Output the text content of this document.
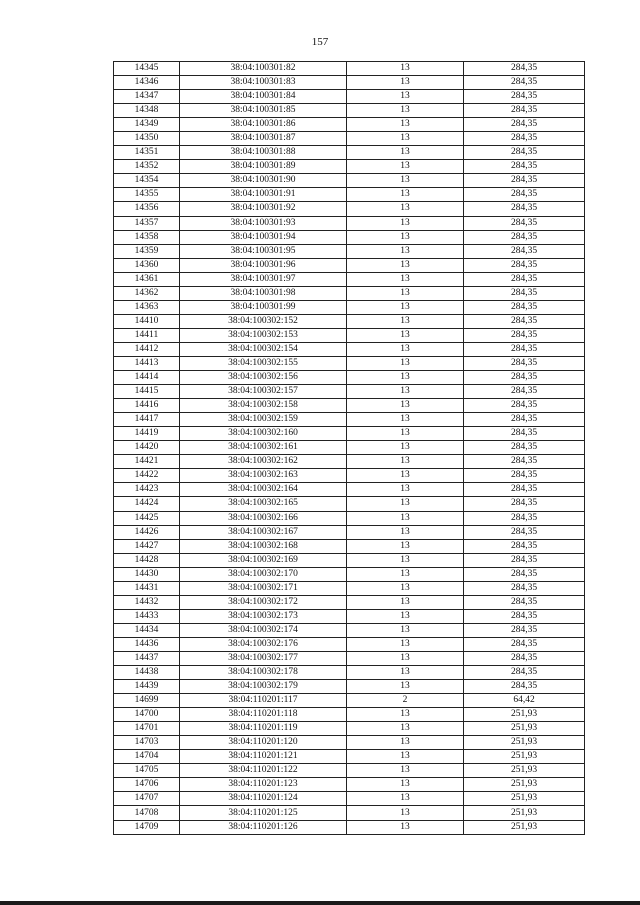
157
14345	38:04:100301:82	13	284,35
14346	38:04:100301:83	13	284,35
14347	38:04:100301:84	13	284,35
14348	38:04:100301:85	13	284,35
14349	38:04:100301:86	13	284,35
14350	38:04:100301:87	13	284,35
14351	38:04:100301:88	13	284,35
14352	38:04:100301:89	13	284,35
14354	38:04:100301:90	13	284,35
14355	38:04:100301:91	13	284,35
14356	38:04:100301:92	13	284,35
14357	38:04:100301:93	13	284,35
14358	38:04:100301:94	13	284,35
14359	38:04:100301:95	13	284,35
14360	38:04:100301:96	13	284,35
14361	38:04:100301:97	13	284,35
14362	38:04:100301:98	13	284,35
14363	38:04:100301:99	13	284,35
14410	38:04:100302:152	13	284,35
14411	38:04:100302:153	13	284,35
14412	38:04:100302:154	13	284,35
14413	38:04:100302:155	13	284,35
14414	38:04:100302:156	13	284,35
14415	38:04:100302:157	13	284,35
14416	38:04:100302:158	13	284,35
14417	38:04:100302:159	13	284,35
14419	38:04:100302:160	13	284,35
14420	38:04:100302:161	13	284,35
14421	38:04:100302:162	13	284,35
14422	38:04:100302:163	13	284,35
14423	38:04:100302:164	13	284,35
14424	38:04:100302:165	13	284,35
14425	38:04:100302:166	13	284,35
14426	38:04:100302:167	13	284,35
14427	38:04:100302:168	13	284,35
14428	38:04:100302:169	13	284,35
14430	38:04:100302:170	13	284,35
14431	38:04:100302:171	13	284,35
14432	38:04:100302:172	13	284,35
14433	38:04:100302:173	13	284,35
14434	38:04:100302:174	13	284,35
14436	38:04:100302:176	13	284,35
14437	38:04:100302:177	13	284,35
14438	38:04:100302:178	13	284,35
14439	38:04:100302:179	13	284,35
14699	38:04:110201:117	2	64,42
14700	38:04:110201:118	13	251,93
14701	38:04:110201:119	13	251,93
14703	38:04:110201:120	13	251,93
14704	38:04:110201:121	13	251,93
14705	38:04:110201:122	13	251,93
14706	38:04:110201:123	13	251,93
14707	38:04:110201:124	13	251,93
14708	38:04:110201:125	13	251,93
14709	38:04:110201:126	13	251,93
